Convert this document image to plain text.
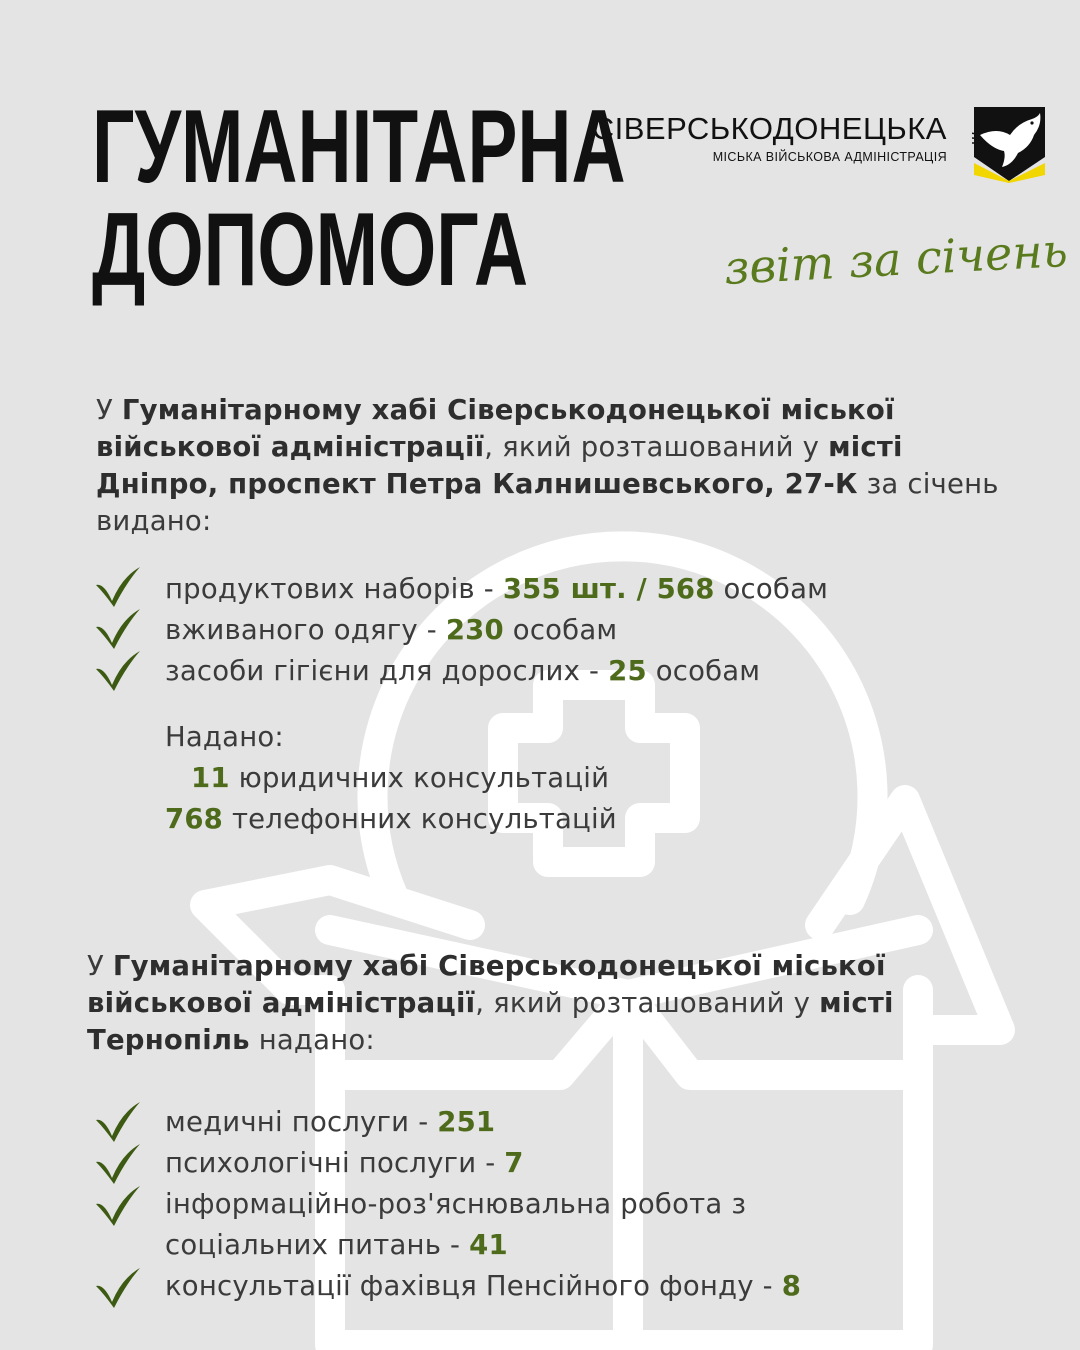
ГУМАНІТАРНА
ДОПОМОГА
СІВЕРСЬКОДОНЕЦЬКА
МІСЬКА ВІЙСЬКОВА АДМІНІСТРАЦІЯ
звіт за січень
У Гуманітарному хабі Сіверськодонецької міської військової адміністрації, який розташований у місті Дніпро, проспект Петра Калнишевського, 27-К за січень видано:
продуктових наборів - 355 шт. / 568 особам
вживаного одягу - 230 особам
засоби гігієни для дорослих - 25 особам
Надано:
11 юридичних консультацій
768 телефонних консультацій
У Гуманітарному хабі Сіверськодонецької міської військової адміністрації, який розташований у місті Тернопіль надано:
медичні послуги - 251
психологічні послуги - 7
інформаційно-роз'яснювальна робота з
соціальних питань - 41
консультації фахівця Пенсійного фонду - 8
